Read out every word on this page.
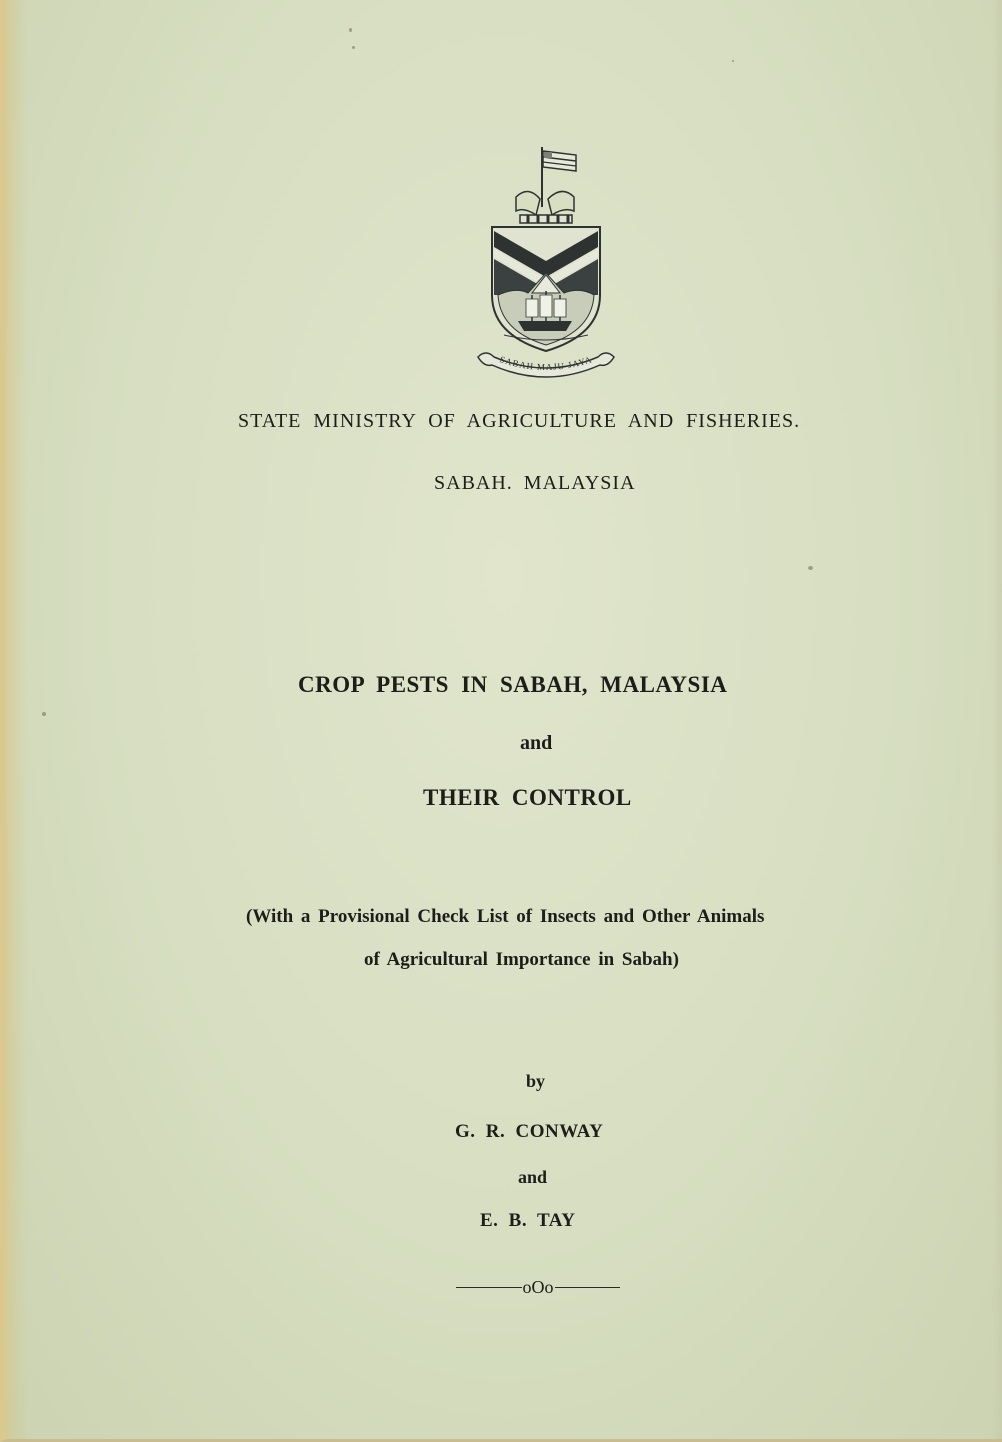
SABAH MAJU JAYA
STATE MINISTRY OF AGRICULTURE AND FISHERIES.
SABAH. MALAYSIA
CROP PESTS IN SABAH, MALAYSIA
and
THEIR CONTROL
(With a Provisional Check List of Insects and Other Animals
of Agricultural Importance in Sabah)
by
G. R. CONWAY
and
E. B. TAY
oOo
